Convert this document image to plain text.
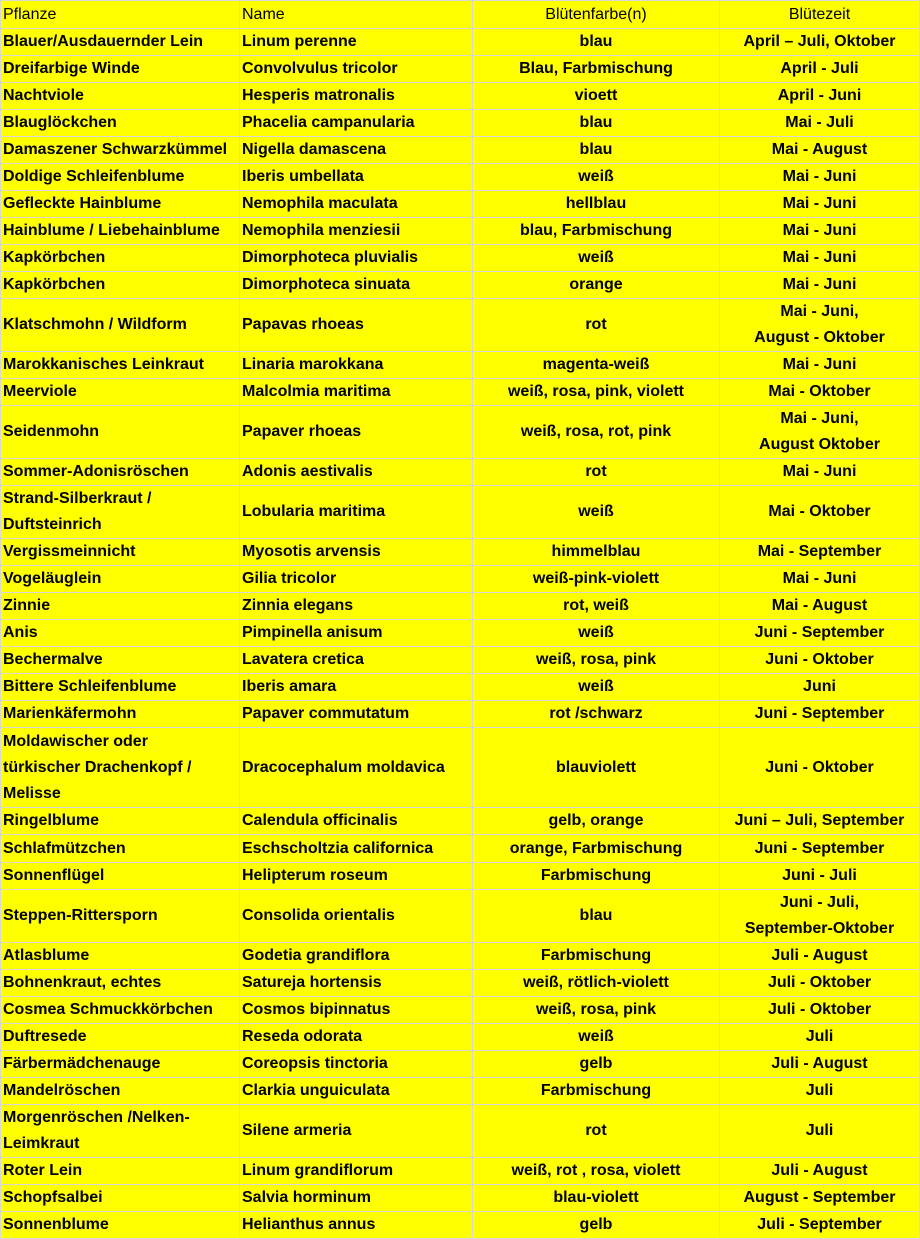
Pflanze	Name	Blütenfarbe(n)	Blütezeit

Blauer/Ausdauernder Lein	Linum perenne	blau	April – Juli, Oktober

Dreifarbige Winde	Convolvulus tricolor	Blau, Farbmischung	April - Juli

Nachtviole	Hesperis matronalis	vioett	April - Juni

Blauglöckchen	Phacelia campanularia	blau	Mai - Juli

Damaszener Schwarzkümmel	Nigella damascena	blau	Mai - August

Doldige Schleifenblume	Iberis umbellata	weiß	Mai - Juni

Gefleckte Hainblume	Nemophila maculata	hellblau	Mai - Juni

Hainblume / Liebehainblume	Nemophila menziesii	blau, Farbmischung	Mai - Juni

Kapkörbchen	Dimorphoteca pluvialis	weiß	Mai - Juni

Kapkörbchen	Dimorphoteca sinuata	orange	Mai - Juni

Klatschmohn / Wildform	Papavas rhoeas	rot	Mai - Juni,
August - Oktober

Marokkanisches Leinkraut	Linaria marokkana	magenta-weiß	Mai - Juni

Meerviole	Malcolmia maritima	weiß, rosa, pink, violett	Mai - Oktober

Seidenmohn	Papaver rhoeas	weiß, rosa, rot, pink	Mai - Juni,
August Oktober

Sommer-Adonisröschen	Adonis aestivalis	rot	Mai - Juni

Strand-Silberkraut /
Duftsteinrich	Lobularia maritima	weiß	Mai - Oktober

Vergissmeinnicht	Myosotis arvensis	himmelblau	Mai - September

Vogeläuglein	Gilia tricolor	weiß-pink-violett	Mai - Juni

Zinnie	Zinnia elegans	rot, weiß	Mai - August

Anis	Pimpinella anisum	weiß	Juni - September

Bechermalve	Lavatera cretica	weiß, rosa, pink	Juni - Oktober

Bittere Schleifenblume	Iberis amara	weiß	Juni

Marienkäfermohn	Papaver commutatum	rot /schwarz	Juni - September

Moldawischer oder
türkischer Drachenkopf /
Melisse	Dracocephalum moldavica	blauviolett	Juni - Oktober

Ringelblume	Calendula officinalis	gelb, orange	Juni – Juli, September

Schlafmützchen	Eschscholtzia californica	orange, Farbmischung	Juni - September

Sonnenflügel	Helipterum roseum	Farbmischung	Juni - Juli

Steppen-Rittersporn	Consolida orientalis	blau	Juni - Juli,
September-Oktober

Atlasblume	Godetia grandiflora	Farbmischung	Juli - August

Bohnenkraut, echtes	Satureja hortensis	weiß, rötlich-violett	Juli - Oktober

Cosmea Schmuckkörbchen	Cosmos bipinnatus	weiß, rosa, pink	Juli - Oktober

Duftresede	Reseda odorata	weiß	Juli

Färbermädchenauge	Coreopsis tinctoria	gelb	Juli - August

Mandelröschen	Clarkia unguiculata	Farbmischung	Juli

Morgenröschen /Nelken-
Leimkraut	Silene armeria	rot	Juli

Roter Lein	Linum grandiflorum	weiß, rot , rosa, violett	Juli - August

Schopfsalbei	Salvia horminum	blau-violett	August - September

Sonnenblume	Helianthus annus	gelb	Juli - September
